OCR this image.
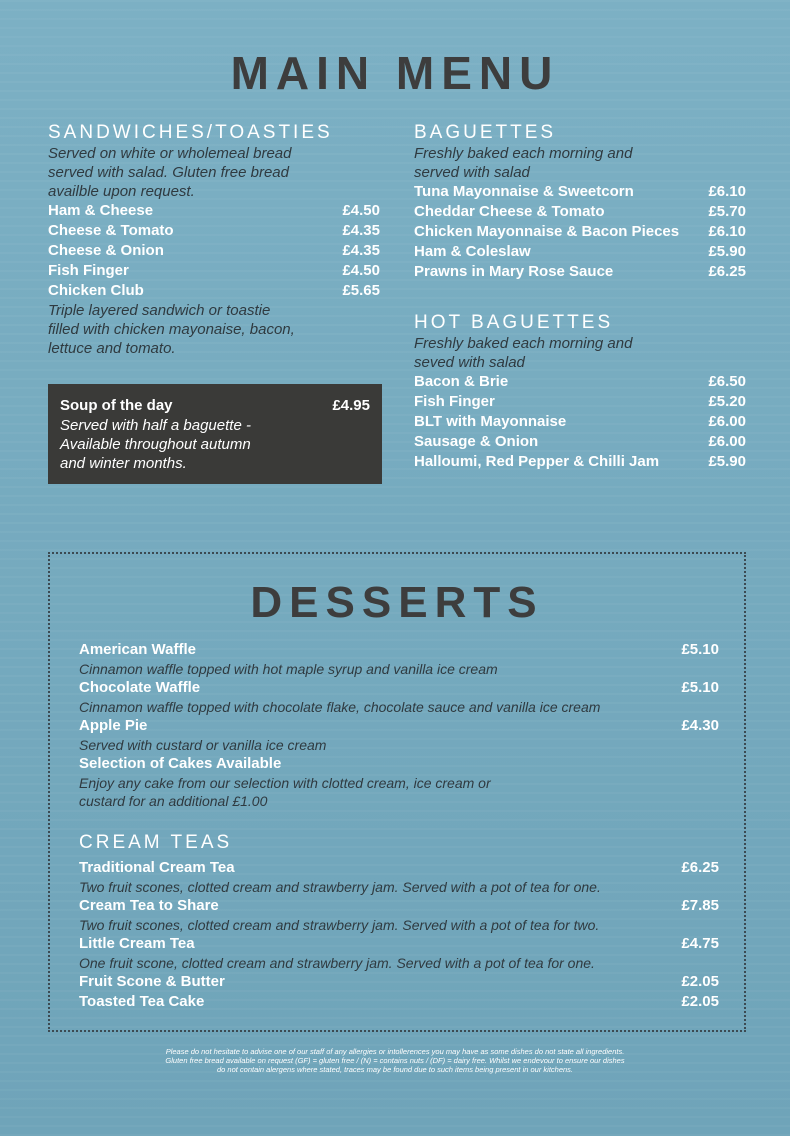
MAIN MENU
SANDWICHES/TOASTIES
Served on white or wholemeal bread
served with salad. Gluten free bread
availble upon request.
Ham & Cheese	£4.50
Cheese & Tomato	£4.35
Cheese & Onion	£4.35
Fish Finger	£4.50
Chicken Club	£5.65
Triple layered sandwich or toastie
filled with chicken mayonaise, bacon,
lettuce and tomato.
Soup of the day	£4.95
Served with half a baguette -
Available throughout autumn
and winter months.
BAGUETTES
Freshly baked each morning and
served with salad
Tuna Mayonnaise & Sweetcorn	£6.10
Cheddar Cheese & Tomato	£5.70
Chicken Mayonnaise & Bacon Pieces £6.10
Ham & Coleslaw	£5.90
Prawns in Mary Rose Sauce	£6.25
HOT BAGUETTES
Freshly baked each morning and
seved with salad
Bacon & Brie	£6.50
Fish Finger	£5.20
BLT with Mayonnaise	£6.00
Sausage & Onion	£6.00
Halloumi, Red Pepper & Chilli Jam	£5.90
DESSERTS
American Waffle	£5.10
Cinnamon waffle topped with hot maple syrup and vanilla ice cream
Chocolate Waffle	£5.10
Cinnamon waffle topped with chocolate flake, chocolate sauce and vanilla ice cream
Apple Pie	£4.30
Served with custard or vanilla ice cream
Selection of Cakes Available
Enjoy any cake from our selection with clotted cream, ice cream or
custard for an additional £1.00
CREAM TEAS
Traditional Cream Tea	£6.25
Two fruit scones, clotted cream and strawberry jam. Served with a pot of tea for one.
Cream Tea to Share	£7.85
Two fruit scones, clotted cream and strawberry jam. Served with a pot of tea for two.
Little Cream Tea	£4.75
One fruit scone, clotted cream and strawberry jam. Served with a pot of tea for one.
Fruit Scone & Butter	£2.05
Toasted Tea Cake	£2.05
Please do not hesitate to advise one of our staff of any allergies or intollerences you may have as some dishes do not state all ingredients.
Gluten free bread available on request (GF) = gluten free / (N) = contains nuts / (DF) = dairy free. Whilst we endevour to ensure our dishes
do not contain alergens where stated, traces may be found due to such items being present in our kitchens.
